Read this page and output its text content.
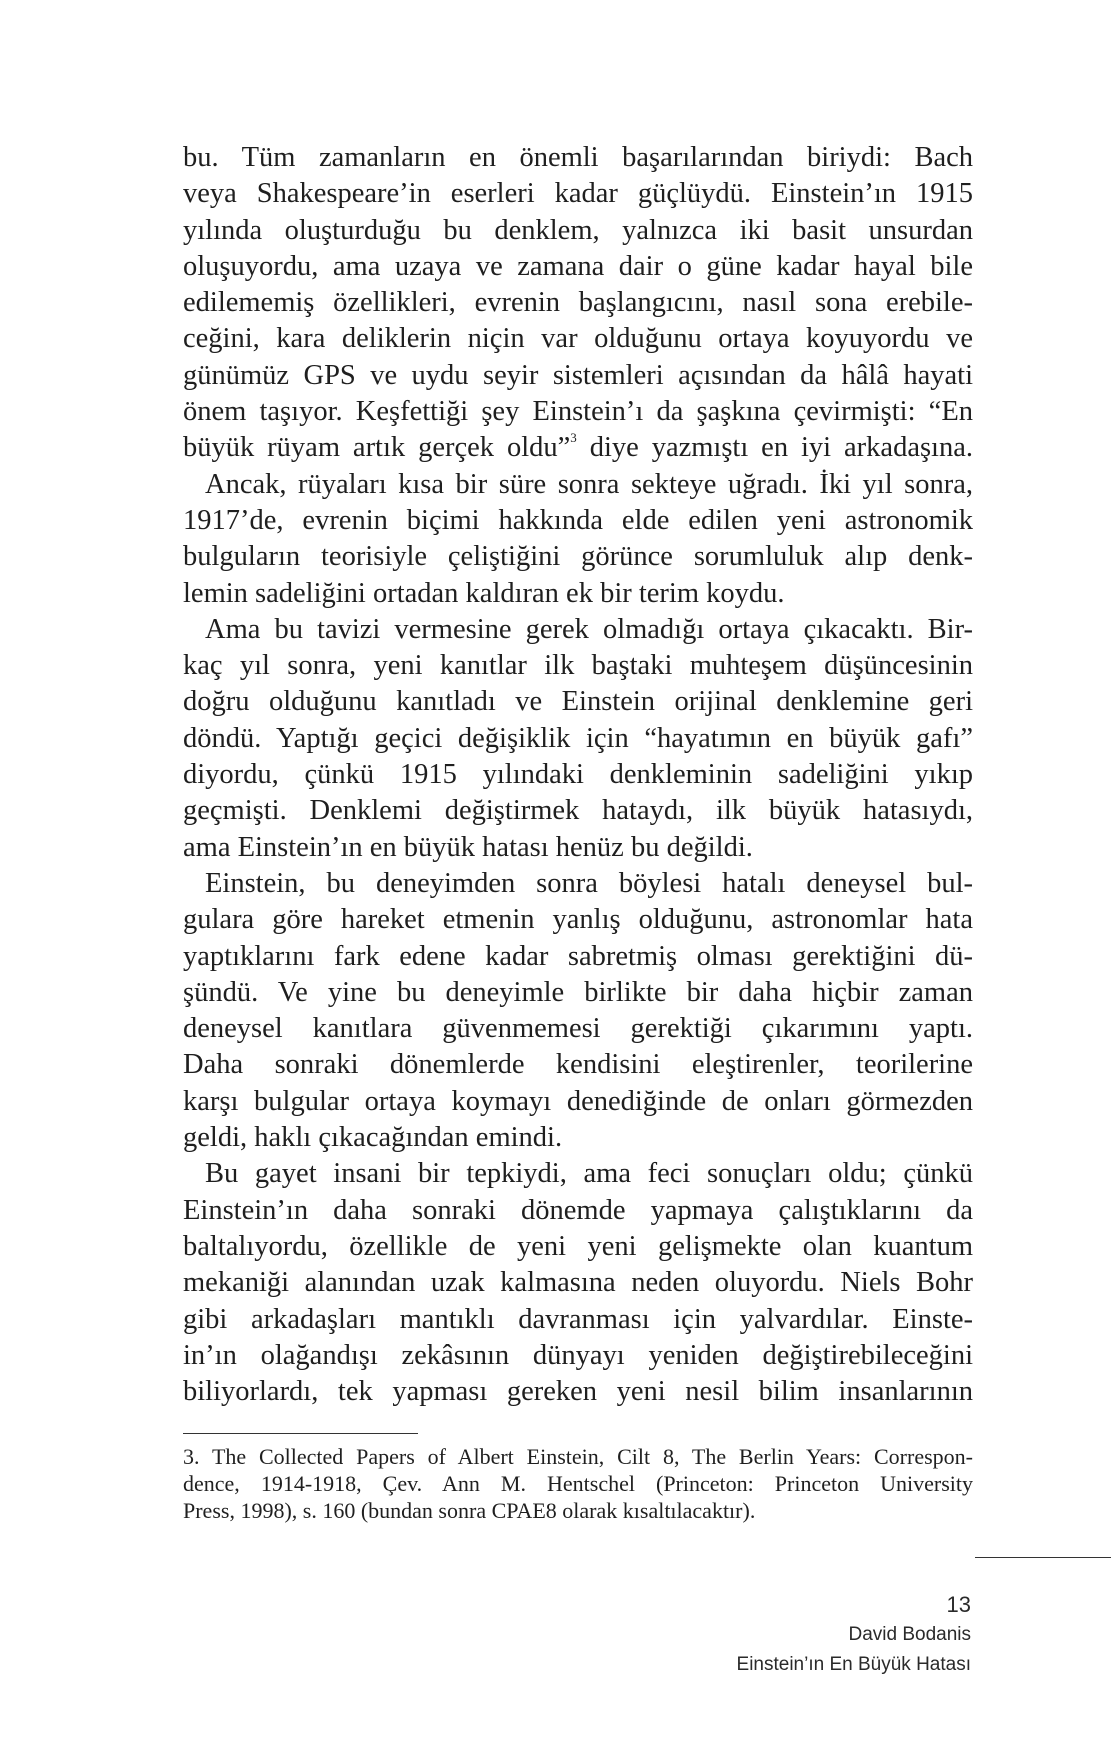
bu. Tüm zamanların en önemli başarılarından biriydi: Bach
veya Shakespeare’in eserleri kadar güçlüydü. Einstein’ın 1915
yılında oluşturduğu bu denklem, yalnızca iki basit unsurdan
oluşuyordu, ama uzaya ve zamana dair o güne kadar hayal bile
edilememiş özellikleri, evrenin başlangıcını, nasıl sona erebile-
ceğini, kara deliklerin niçin var olduğunu ortaya koyuyordu ve
günümüz GPS ve uydu seyir sistemleri açısından da hâlâ hayati
önem taşıyor. Keşfettiği şey Einstein’ı da şaşkına çevirmişti: “En
büyük rüyam artık gerçek oldu”$^3$ diye yazmıştı en iyi arkadaşına.

Ancak, rüyaları kısa bir süre sonra sekteye uğradı. İki yıl sonra,
1917’de, evrenin biçimi hakkında elde edilen yeni astronomik
bulguların teorisiyle çeliştiğini görünce sorumluluk alıp denk-
lemin sadeliğini ortadan kaldıran ek bir terim koydu.

Ama bu tavizi vermesine gerek olmadığı ortaya çıkacaktı. Bir-
kaç yıl sonra, yeni kanıtlar ilk baştaki muhteşem düşüncesinin
doğru olduğunu kanıtladı ve Einstein orijinal denklemine geri
döndü. Yaptığı geçici değişiklik için “hayatımın en büyük gafı”
diyordu, çünkü 1915 yılındaki denkleminin sadeliğini yıkıp
geçmişti. Denklemi değiştirmek hataydı, ilk büyük hatasıydı,
ama Einstein’ın en büyük hatası henüz bu değildi.

Einstein, bu deneyimden sonra böylesi hatalı deneysel bul-
gulara göre hareket etmenin yanlış olduğunu, astronomlar hata
yaptıklarını fark edene kadar sabretmiş olması gerektiğini dü-
şündü. Ve yine bu deneyimle birlikte bir daha hiçbir zaman
deneysel kanıtlara güvenmemesi gerektiği çıkarımını yaptı.
Daha sonraki dönemlerde kendisini eleştirenler, teorilerine
karşı bulgular ortaya koymayı denediğinde de onları görmezden
geldi, haklı çıkacağından emindi.

Bu gayet insani bir tepkiydi, ama feci sonuçları oldu; çünkü
Einstein’ın daha sonraki dönemde yapmaya çalıştıklarını da
baltalıyordu, özellikle de yeni yeni gelişmekte olan kuantum
mekaniği alanından uzak kalmasına neden oluyordu. Niels Bohr
gibi arkadaşları mantıklı davranması için yalvardılar. Einste-
in’ın olağandışı zekâsının dünyayı yeniden değiştirebileceğini
biliyorlardı, tek yapması gereken yeni nesil bilim insanlarının

3. The Collected Papers of Albert Einstein, Cilt 8, The Berlin Years: Correspon-
dence, 1914-1918, Çev. Ann M. Hentschel (Princeton: Princeton University
Press, 1998), s. 160 (bundan sonra CPAE8 olarak kısaltılacaktır).
13
David Bodanis
Einstein’ın En Büyük Hatası
